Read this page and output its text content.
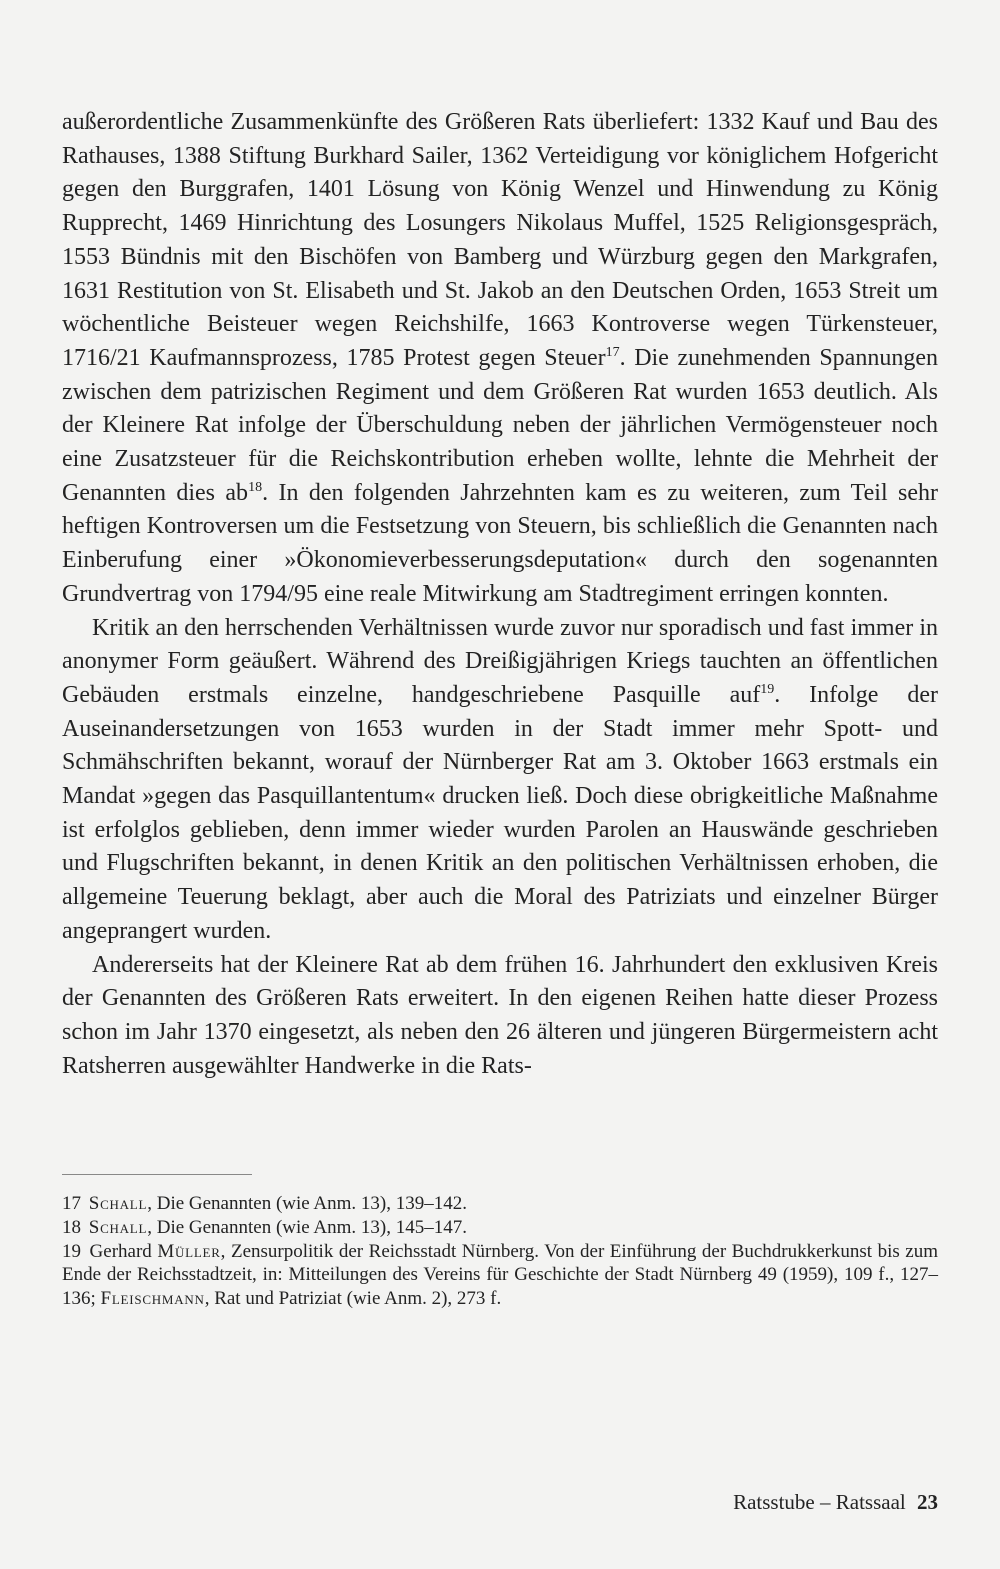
außerordentliche Zusammenkünfte des Größeren Rats überliefert: 1332 Kauf und Bau des Rathauses, 1388 Stiftung Burkhard Sailer, 1362 Verteidigung vor königlichem Hofgericht gegen den Burggrafen, 1401 Lösung von König Wenzel und Hinwendung zu König Rupprecht, 1469 Hinrichtung des Losungers Nikolaus Muffel, 1525 Religionsgespräch, 1553 Bündnis mit den Bischöfen von Bamberg und Würzburg gegen den Markgrafen, 1631 Restitution von St. Elisabeth und St. Jakob an den Deutschen Orden, 1653 Streit um wöchentliche Beisteuer wegen Reichshilfe, 1663 Kontroverse wegen Türkensteuer, 1716/21 Kaufmannsprozess, 1785 Protest gegen Steuer$^{17}$. Die zunehmenden Spannungen zwischen dem patrizischen Regiment und dem Größeren Rat wurden 1653 deutlich. Als der Kleinere Rat infolge der Überschuldung neben der jährlichen Vermögensteuer noch eine Zusatzsteuer für die Reichskontribution erheben wollte, lehnte die Mehrheit der Genannten dies $ab^{18}$. In den folgenden Jahrzehnten kam es zu weiteren, zum Teil sehr heftigen Kontroversen um die Festsetzung von Steuern, bis schließlich die Genannten nach Einberufung einer »Ökonomieverbesserungsdeputation« durch den sogenannten Grundvertrag von 1794/95 eine reale Mitwirkung am Stadtregiment erringen konnten.

Kritik an den herrschenden Verhältnissen wurde zuvor nur sporadisch und fast immer in anonymer Form geäußert. Während des Dreißigjährigen Kriegs tauchten an öffentlichen Gebäuden erstmals einzelne, handgeschriebene Pasquille auf$^{19}$. Infolge der Auseinandersetzungen von 1653 wurden in der Stadt immer mehr Spott- und Schmähschriften bekannt, worauf der Nürnberger Rat am 3. Oktober 1663 erstmals ein Mandat »gegen das Pasquillantentum« drucken ließ. Doch diese obrigkeitliche Maßnahme ist erfolglos geblieben, denn immer wieder wurden Parolen an Hauswände geschrieben und Flugschriften bekannt, in denen Kritik an den politischen Verhältnissen erhoben, die allgemeine Teuerung beklagt, aber auch die Moral des Patriziats und einzelner Bürger angeprangert wurden.

Andererseits hat der Kleinere Rat ab dem frühen 16. Jahrhundert den exklusiven Kreis der Genannten des Größeren Rats erweitert. In den eigenen Reihen hatte dieser Prozess schon im Jahr 1370 eingesetzt, als neben den 26 älteren und jüngeren Bürgermeistern acht Ratsherren ausgewählter Handwerke in die Rats-

17 Schall, Die Genannten (wie Anm. 13), 139–142.

18 Schall, Die Genannten (wie Anm. 13), 145–147.

19 Gerhard Müller, Zensurpolitik der Reichsstadt Nürnberg. Von der Einführung der Buchdrukkerkunst bis zum Ende der Reichsstadtzeit, in: Mitteilungen des Vereins für Geschichte der Stadt Nürnberg 49 (1959), 109 f., 127–136; Fleischmann, Rat und Patriziat (wie Anm. 2), 273 f.

Ratsstube – Ratssaal 23
